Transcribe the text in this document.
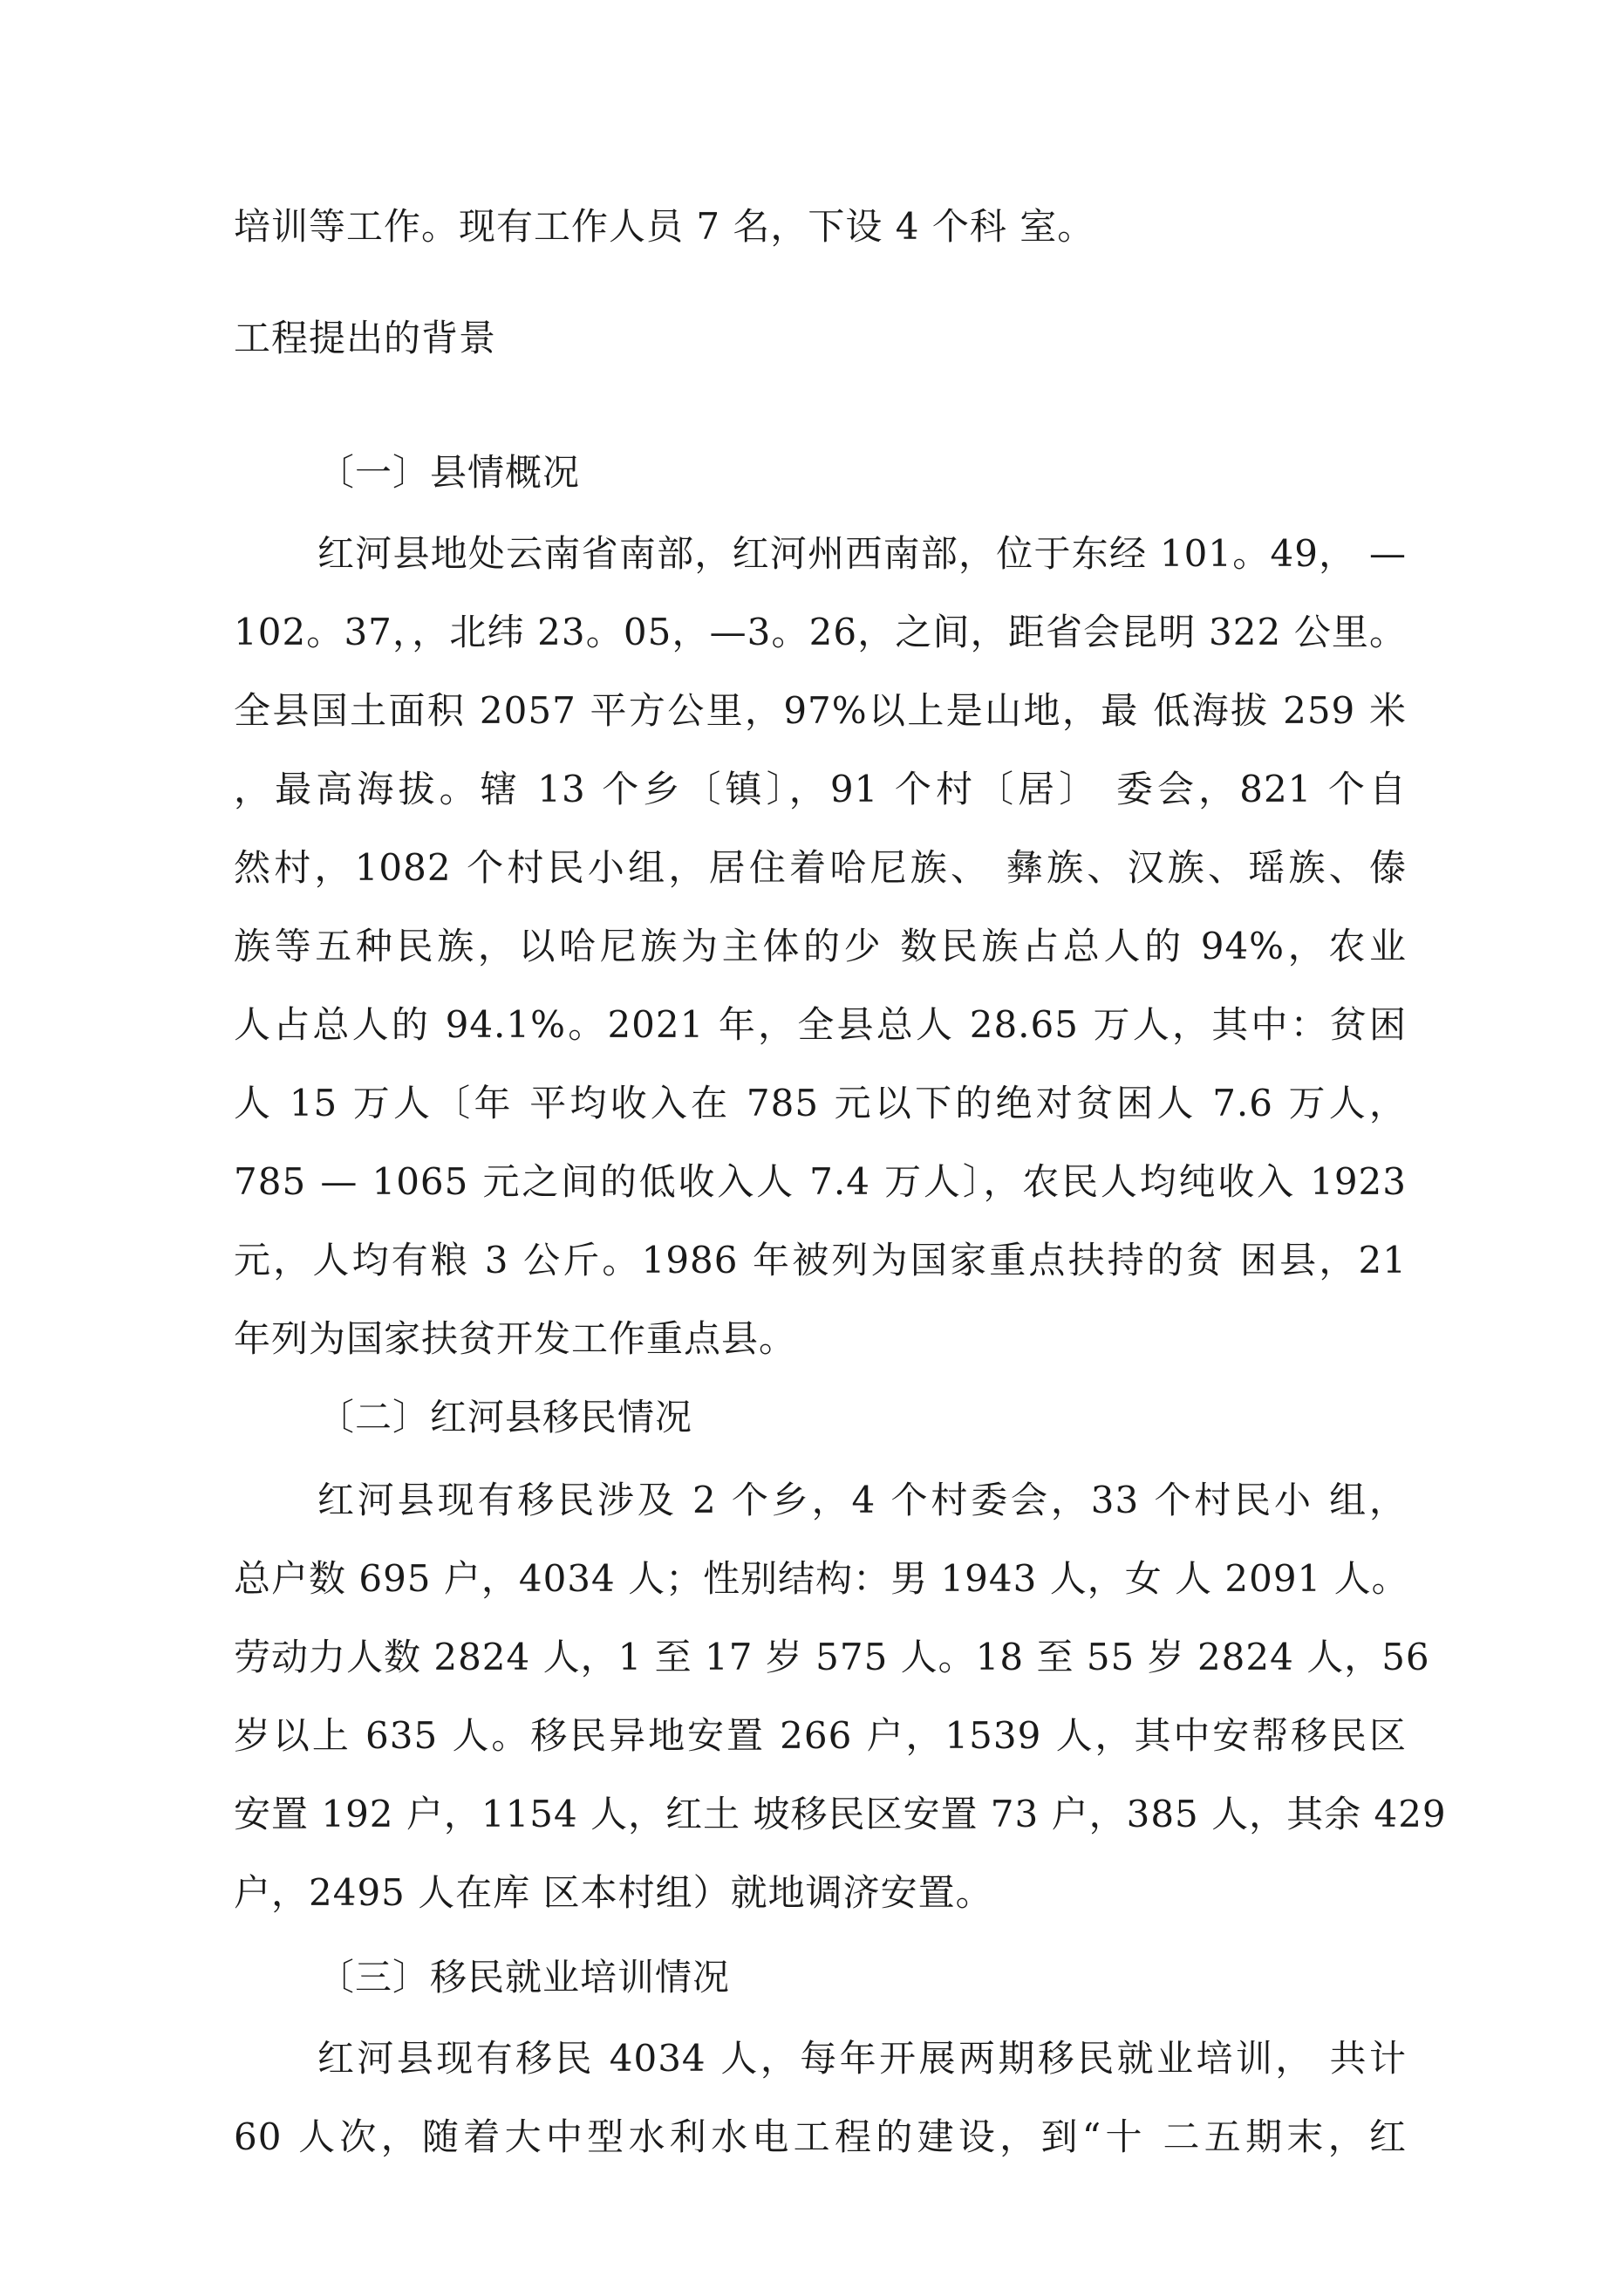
培训等工作。现有工作人员 7 名，下设 4 个科 室。
工程提出的背景
〔一〕县情概况
红河县地处云南省南部，红河州西南部，位于东经 101。49， —
102。37，，北纬 23。05，—3。26，之间，距省会昆明 322 公里。
全县国土面积 2057 平方公里，97%以上是山地，最 低海拔 259 米
，最高海拔。辖 13 个乡〔镇〕，91 个村〔居〕 委会，821 个自
然村，1082 个村民小组，居住着哈尼族、 彝族、汉族、瑶族、傣
族等五种民族，以哈尼族为主体的少 数民族占总人的 94%，农业
人占总人的 94.1%。2021 年，全县总人 28.65 万人，其中：贫困
人 15 万人〔年 平均收入在 785 元以下的绝对贫困人 7.6 万人，
785 — 1065 元之间的低收入人 7.4 万人〕，农民人均纯收入 1923
元，人均有粮 3 公斤。1986 年被列为国家重点扶持的贫 困县，21
年列为国家扶贫开发工作重点县。
〔二〕红河县移民情况
红河县现有移民涉及 2 个乡，4 个村委会，33 个村民小 组，
总户数 695 户，4034 人；性别结构：男 1943 人，女 人 2091 人。
劳动力人数 2824 人，1 至 17 岁 575 人。18 至 55 岁 2824 人，56
岁以上 635 人。移民异地安置 266 户，1539 人，其中安帮移民区
安置 192 户，1154 人，红土 坡移民区安置 73 户，385 人，其余 429
户，2495 人在库 区本村组）就地调济安置。
〔三〕移民就业培训情况
红河县现有移民 4034 人，每年开展两期移民就业培训， 共计
60 人次，随着大中型水利水电工程的建设，到“十 二五期末，红
